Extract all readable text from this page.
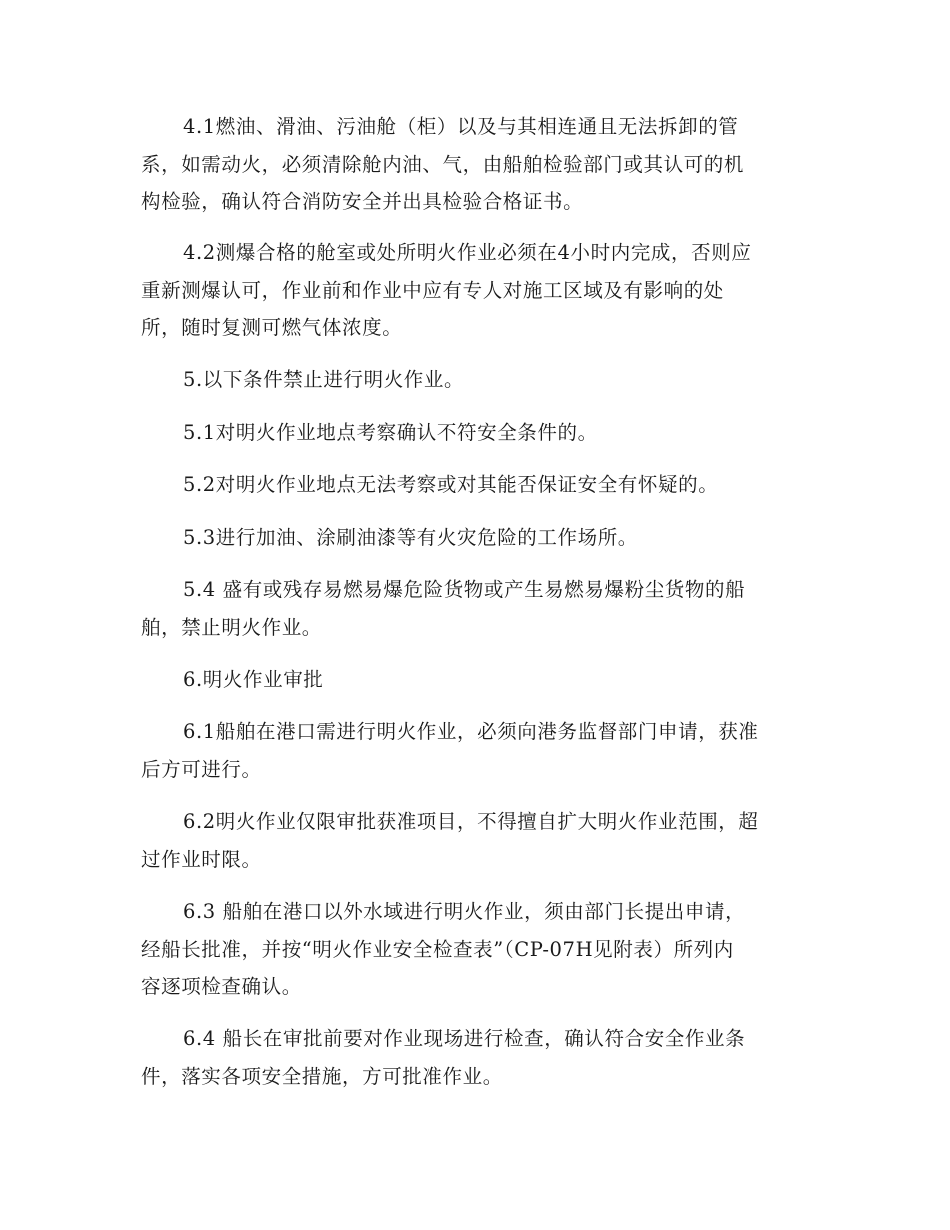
4.1燃油、滑油、污油舱（柜）以及与其相连通且无法拆卸的管
系，如需动火，必须清除舱内油、气，由船舶检验部门或其认可的机
构检验，确认符合消防安全并出具检验合格证书。
4.2测爆合格的舱室或处所明火作业必须在4小时内完成，否则应
重新测爆认可，作业前和作业中应有专人对施工区域及有影响的处
所，随时复测可燃气体浓度。
5.以下条件禁止进行明火作业。
5.1对明火作业地点考察确认不符安全条件的。
5.2对明火作业地点无法考察或对其能否保证安全有怀疑的。
5.3进行加油、涂刷油漆等有火灾危险的工作场所。
5.4 盛有或残存易燃易爆危险货物或产生易燃易爆粉尘货物的船
舶，禁止明火作业。
6.明火作业审批
6.1船舶在港口需进行明火作业，必须向港务监督部门申请，获准
后方可进行。
6.2明火作业仅限审批获准项目，不得擅自扩大明火作业范围，超
过作业时限。
6.3 船舶在港口以外水域进行明火作业，须由部门长提出申请，
经船长批准，并按“明火作业安全检查表”（CP-07H见附表）所列内
容逐项检查确认。
6.4 船长在审批前要对作业现场进行检查，确认符合安全作业条
件，落实各项安全措施，方可批准作业。
